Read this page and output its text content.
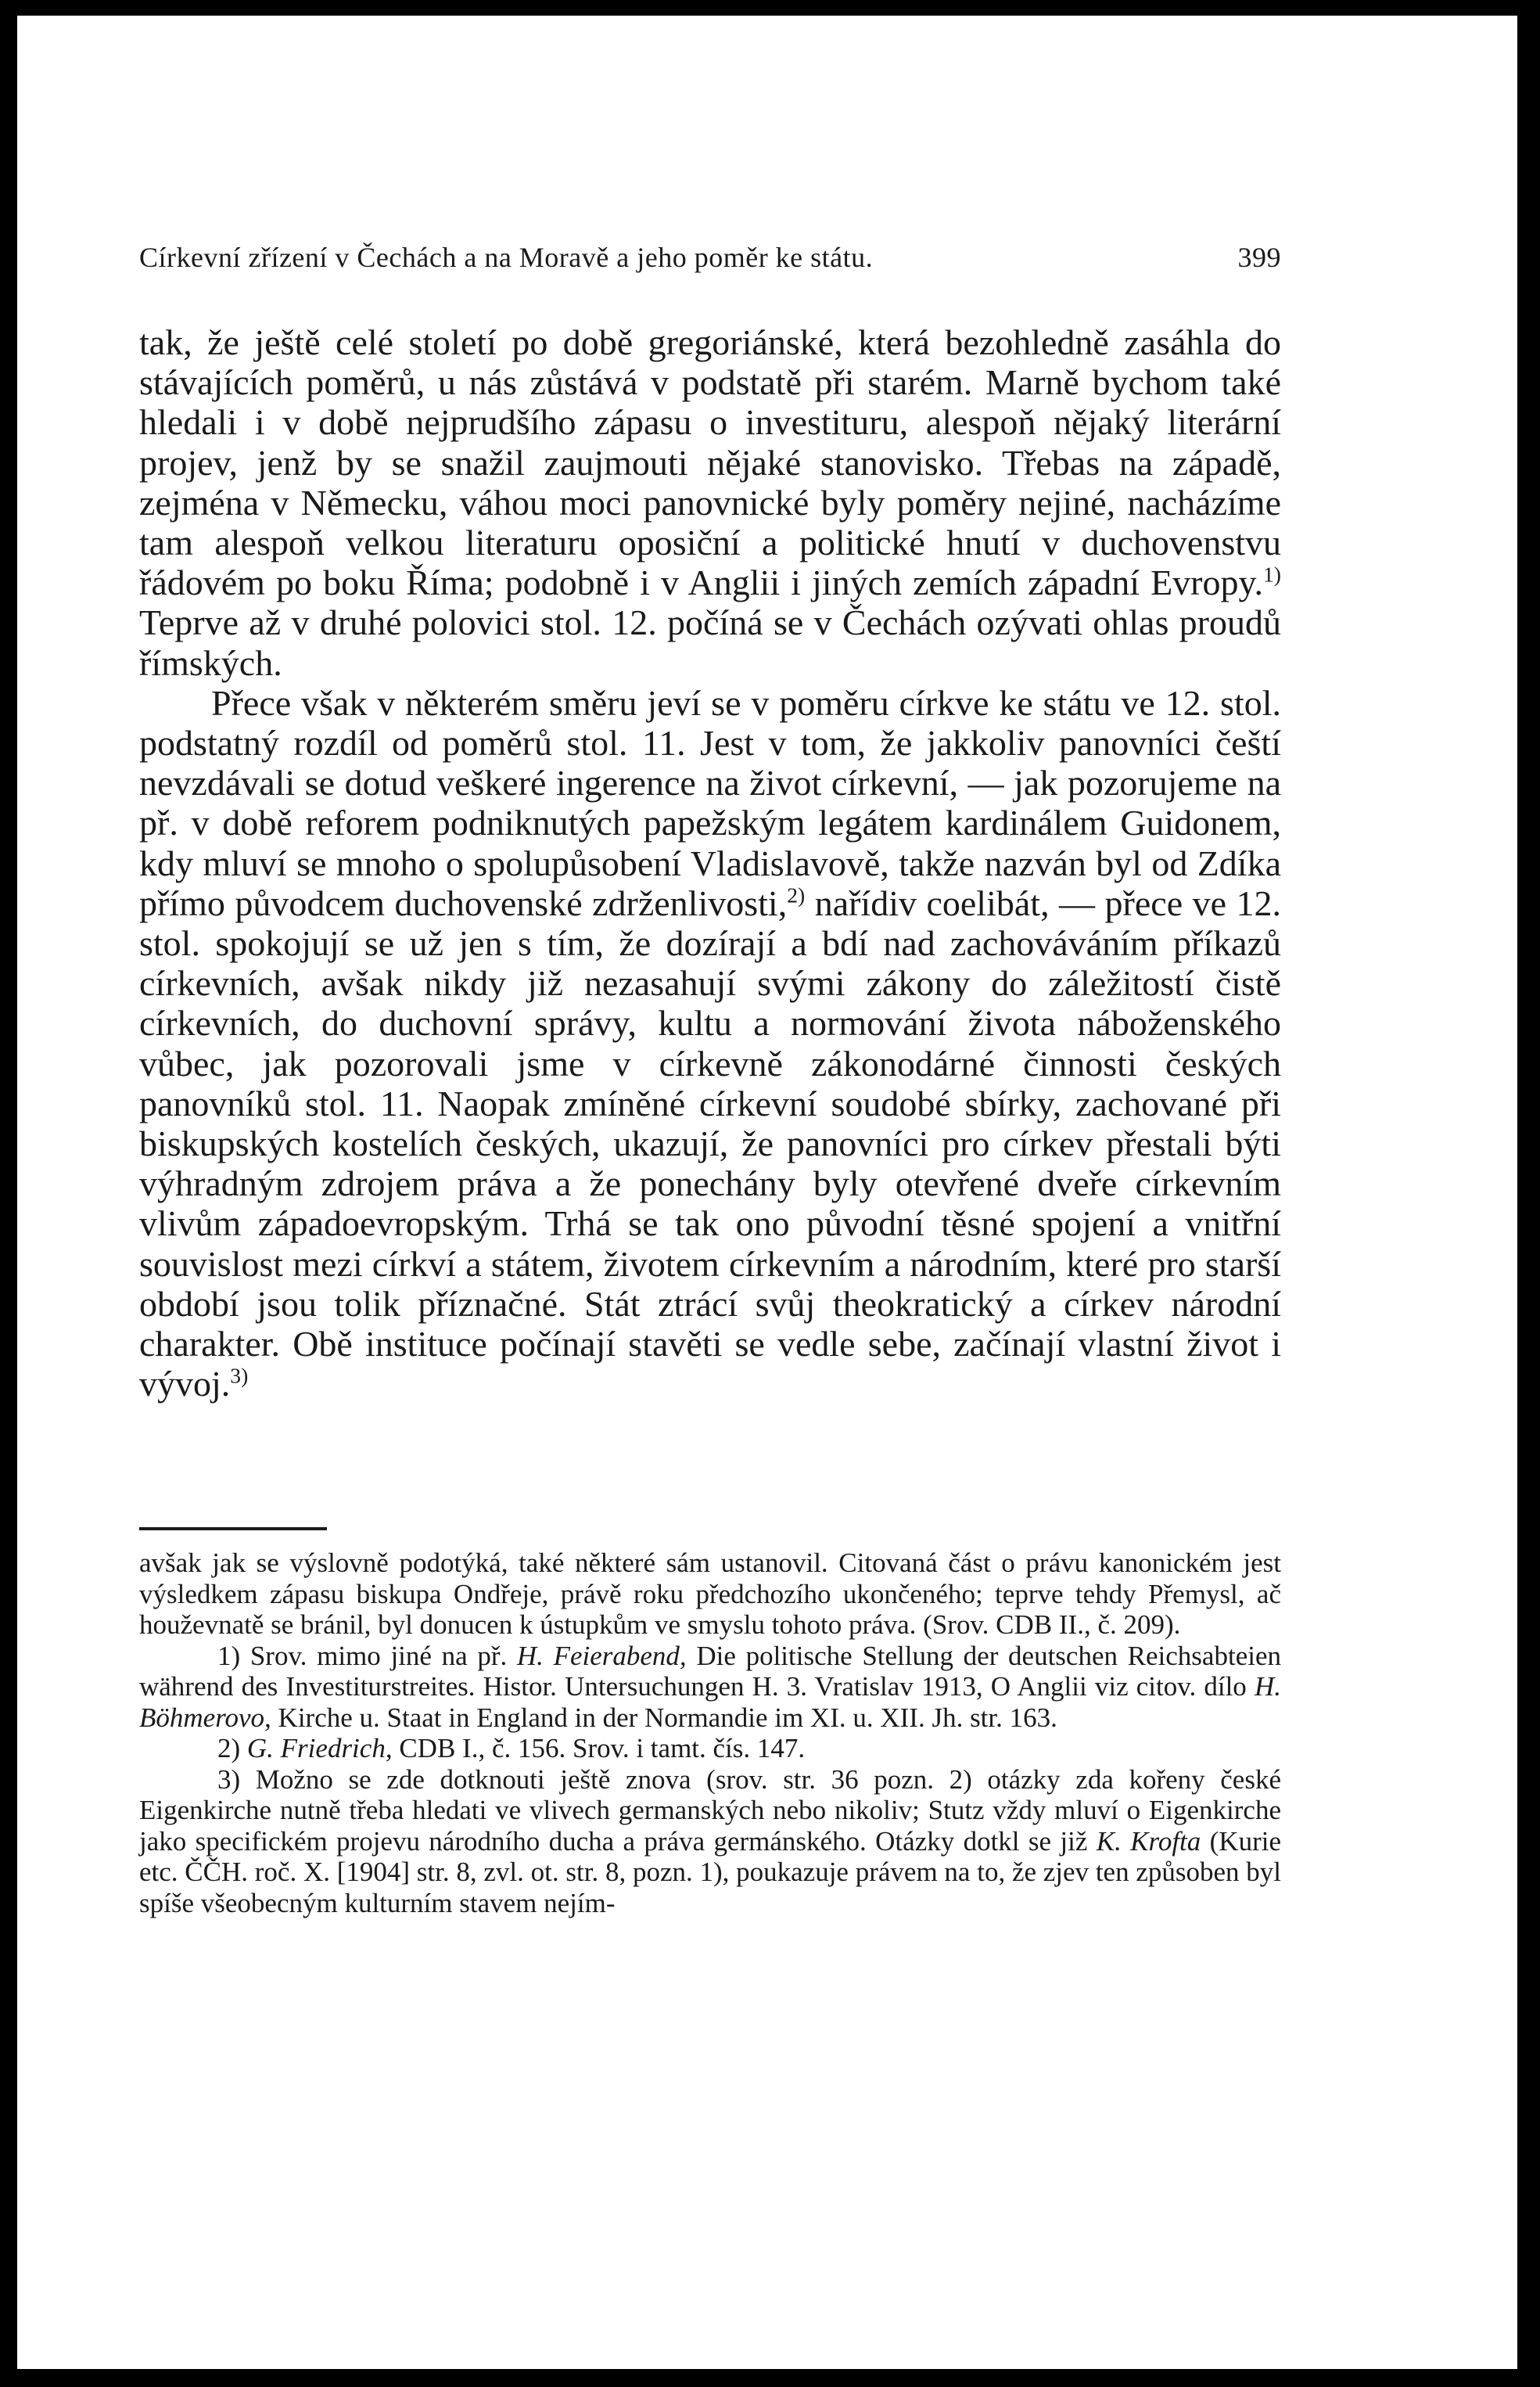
Církevní zřízení v Čechách a na Moravě a jeho poměr ke státu.	399

tak, že ještě celé století po době gregoriánské, která bezohledně zasáhla do stávajících poměrů, u nás zůstává v podstatě při starém. Marně bychom také hledali i v době nejprudšího zápasu o investituru, alespoň nějaký literární projev, jenž by se snažil zaujmouti nějaké stanovisko. Třebas na západě, zejména v Německu, váhou moci panovnické byly poměry nejiné, nacházíme tam alespoň velkou literaturu oposiční a politické hnutí v duchovenstvu řádovém po boku Říma; podobně i v Anglii i jiných zemích západní Evropy.$^{1)}$ Teprve až v druhé polovici stol. 12. počíná se v Čechách ozývati ohlas proudů římských.

Přece však v některém směru jeví se v poměru církve ke státu ve 12. stol. podstatný rozdíl od poměrů stol. 11. Jest v tom, že jakkoliv panovníci čeští nevzdávali se dotud veškeré ingerence na život církevní, — jak pozorujeme na př. v době reforem podniknutých papežským legátem kardinálem Guidonem, kdy mluví se mnoho o spolupůsobení Vladislavově, takže nazván byl od Zdíka přímo původcem duchovenské zdrženlivosti,$^{2)}$ nařídiv coelibát, — přece ve 12. stol. spokojují se už jen s tím, že dozírají a bdí nad zachováváním příkazů církevních, avšak nikdy již nezasahují svými zákony do záležitostí čistě církevních, do duchovní správy, kultu a normování života náboženského vůbec, jak pozorovali jsme v církevně zákonodárné činnosti českých panovníků stol. 11. Naopak zmíněné církevní soudobé sbírky, zachované při biskupských kostelích českých, ukazují, že panovníci pro církev přestali býti výhradným zdrojem práva a že ponechány byly otevřené dveře církevním vlivům západoevropským. Trhá se tak ono původní těsné spojení a vnitřní souvislost mezi církví a státem, životem církevním a národním, které pro starší období jsou tolik příznačné. Stát ztrácí svůj theokratický a církev národní charakter. Obě instituce počínají stavěti se vedle sebe, začínají vlastní život i vývoj.$^{3)}$

avšak jak se výslovně podotýká, také některé sám ustanovil. Citovaná část o právu kanonickém jest výsledkem zápasu biskupa Ondřeje, právě roku předchozího ukončeného; teprve tehdy Přemysl, ač houževnatě se bránil, byl donucen k ústupkům ve smyslu tohoto práva. (Srov. CDB II., č. 209).

1) Srov. mimo jiné na př. H. Feierabend, Die politische Stellung der deutschen Reichsabteien während des Investiturstreites. Histor. Untersuchungen H. 3. Vratislav 1913, O Anglii viz citov. dílo H. Böhmerovo, Kirche u. Staat in England in der Normandie im XI. u. XII. Jh. str. 163.

2) G. Friedrich, CDB I., č. 156. Srov. i tamt. čís. 147.

3) Možno se zde dotknouti ještě znova (srov. str. 36 pozn. 2) otázky zda kořeny české Eigenkirche nutně třeba hledati ve vlivech germanských nebo nikoliv; Stutz vždy mluví o Eigenkirche jako specifickém projevu národního ducha a práva germánského. Otázky dotkl se již K. Krofta (Kurie etc. ČČH. roč. X. [1904] str. 8, zvl. ot. str. 8, pozn. 1), poukazuje právem na to, že zjev ten způsoben byl spíše všeobecným kulturním stavem nejím-
